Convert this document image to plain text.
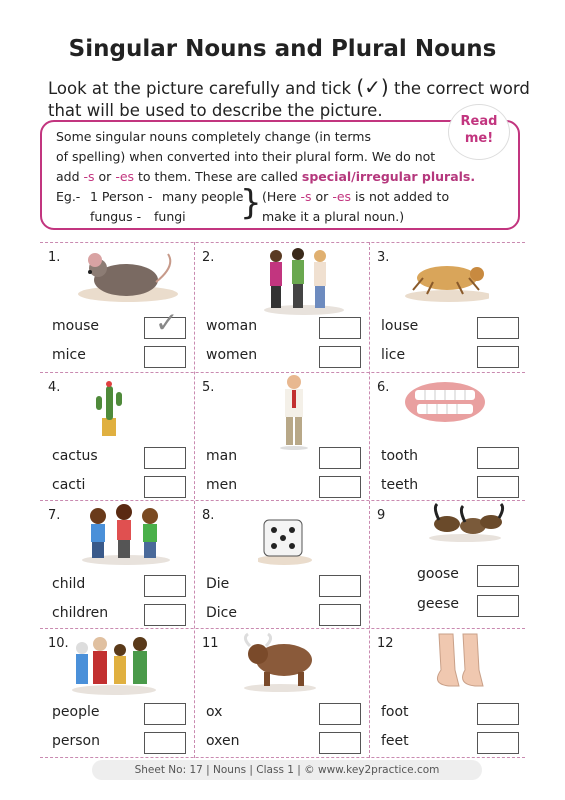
Singular Nouns and Plural Nouns
Look at the picture carefully and tick (✓) the correct word that will be used to describe the picture.
Some singular nouns completely change (in terms
of spelling) when converted into their plural form. We do not
add -s or -es to them. These are called special/irregular plurals.
Read
me!
Eg.- 1 Person - many people
fungus - fungi } (Here -s or -es is not added to
make it a plural noun.)
1.
mouse ✓
mice
2.
woman
women
3.
louse
lice
4.
cactus
cacti
5.
man
men
6.
tooth
teeth
7.
child
children
8.
Die
Dice
9
goose
geese
10.
people
person
11
ox
oxen
12
foot
feet
Sheet No: 17 | Nouns | Class 1 | © www.key2practice.com
